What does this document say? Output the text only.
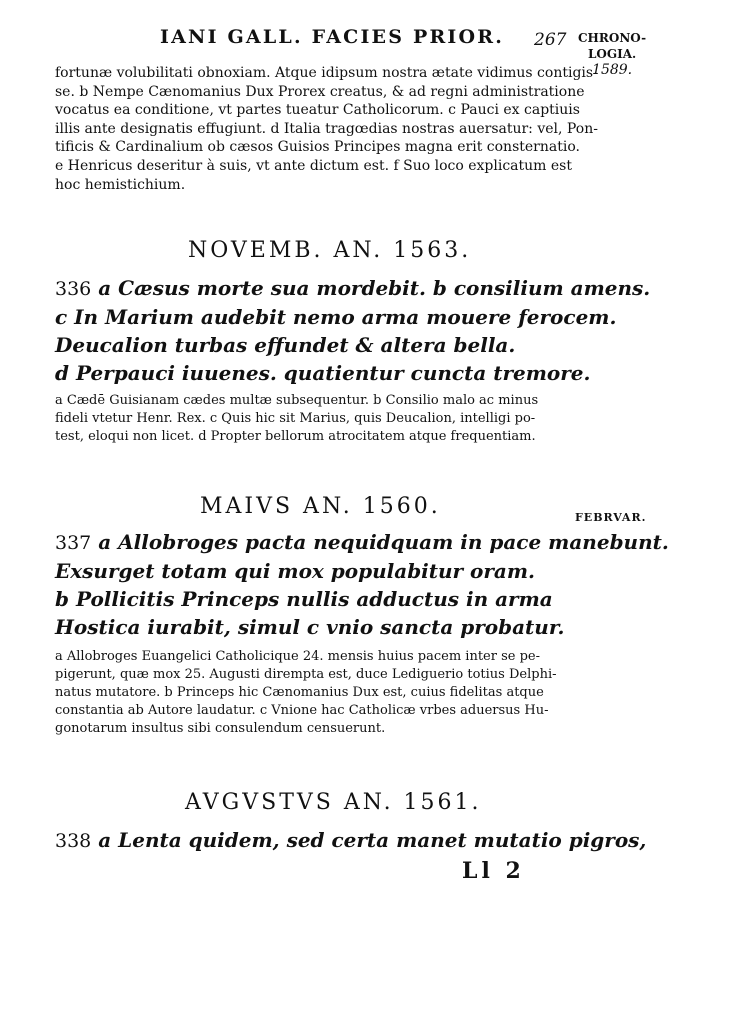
IANI GALL. FACIES PRIOR. 267 CHRONO-
LOGIA.
1589.
fortunæ volubilitati obnoxiam. Atque idipsum nostra ætate vidimus contigis-
se. b Nempe Cænomanius Dux Prorex creatus, & ad regni administratione
vocatus ea conditione, vt partes tueatur Catholicorum. c Pauci ex captiuis
illis ante designatis effugiunt. d Italia tragœdias nostras auersatur: vel, Pon-
tificis & Cardinalium ob cæsos Guisios Principes magna erit consternatio.
e Henricus deseritur à suis, vt ante dictum est. f Suo loco explicatum est
hoc hemistichium.
NOVEMB. AN. 1563.
336 a Cæsus morte sua mordebit. b consilium amens.
c In Marium audebit nemo arma mouere ferocem.
Deucalion turbas effundet & altera bella.
d Perpauci iuuenes. quatientur cuncta tremore.
a Cædē Guisianam cædes multæ subsequentur. b Consilio malo ac minus
fideli vtetur Henr. Rex. c Quis hic sit Marius, quis Deucalion, intelligi po-
test, eloqui non licet. d Propter bellorum atrocitatem atque frequentiam.
MAIVS AN. 1560.	FEBRVAR.
337 a Allobroges pacta nequidquam in pace manebunt.
Exsurget totam qui mox populabitur oram.
b Pollicitis Princeps nullis adductus in arma
Hostica iurabit, simul c vnio sancta probatur.
a Allobroges Euangelici Catholicique 24. mensis huius pacem inter se pe-
pigerunt, quæ mox 25. Augusti dirempta est, duce Lediguerio totius Delphi-
natus mutatore. b Princeps hic Cænomanius Dux est, cuius fidelitas atque
constantia ab Autore laudatur. c Vnione hac Catholicæ vrbes aduersus Hu-
gonotarum insultus sibi consulendum censuerunt.
AVGVSTVS AN. 1561.
338 a Lenta quidem, sed certa manet mutatio pigros,
Ll 2
